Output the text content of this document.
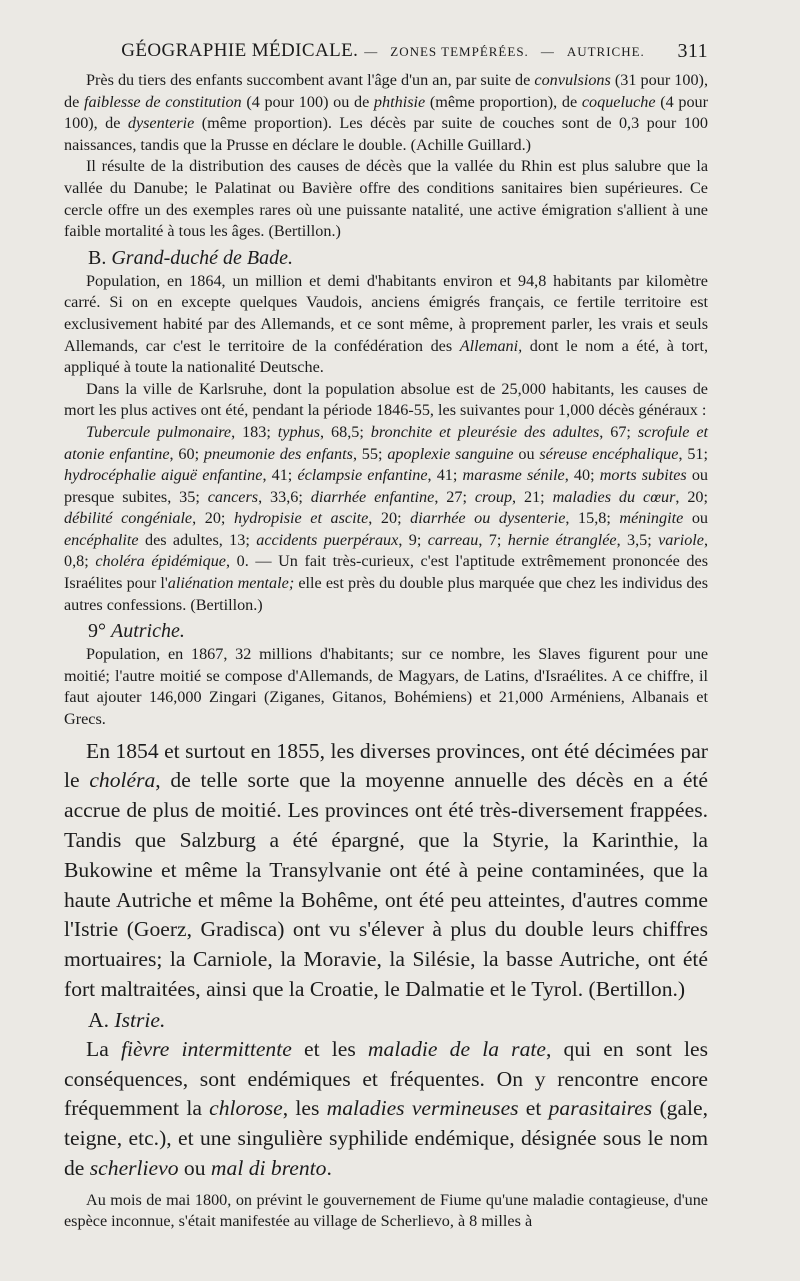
GÉOGRAPHIE MÉDICALE. — ZONES TEMPÉRÉES. — AUTRICHE. 311

Près du tiers des enfants succombent avant l'âge d'un an, par suite de convulsions (31 pour 100), de faiblesse de constitution (4 pour 100) ou de phthisie (même proportion), de coqueluche (4 pour 100), de dysenterie (même proportion). Les décès par suite de couches sont de 0,3 pour 100 naissances, tandis que la Prusse en déclare le double. (Achille Guillard.)

Il résulte de la distribution des causes de décès que la vallée du Rhin est plus salubre que la vallée du Danube; le Palatinat ou Bavière offre des conditions sanitaires bien supérieures. Ce cercle offre un des exemples rares où une puissante natalité, une active émigration s'allient à une faible mortalité à tous les âges. (Bertillon.)

B. Grand-duché de Bade.

Population, en 1864, un million et demi d'habitants environ et 94,8 habitants par kilomètre carré. Si on en excepte quelques Vaudois, anciens émigrés français, ce fertile territoire est exclusivement habité par des Allemands, et ce sont même, à proprement parler, les vrais et seuls Allemands, car c'est le territoire de la confédération des Allemani, dont le nom a été, à tort, appliqué à toute la nationalité Deutsche.

Dans la ville de Karlsruhe, dont la population absolue est de 25,000 habitants, les causes de mort les plus actives ont été, pendant la période 1846-55, les suivantes pour 1,000 décès généraux :

Tubercule pulmonaire, 183; typhus, 68,5; bronchite et pleurésie des adultes, 67; scrofule et atonie enfantine, 60; pneumonie des enfants, 55; apoplexie sanguine ou séreuse encéphalique, 51; hydrocéphalie aiguë enfantine, 41; éclampsie enfantine, 41; marasme sénile, 40; morts subites ou presque subites, 35; cancers, 33,6; diarrhée enfantine, 27; croup, 21; maladies du cœur, 20; débilité congéniale, 20; hydropisie et ascite, 20; diarrhée ou dysenterie, 15,8; méningite ou encéphalite des adultes, 13; accidents puerpéraux, 9; carreau, 7; hernie étranglée, 3,5; variole, 0,8; choléra épidémique, 0. — Un fait très-curieux, c'est l'aptitude extrêmement prononcée des Israélites pour l'aliénation mentale; elle est près du double plus marquée que chez les individus des autres confessions. (Bertillon.)

9° Autriche.

Population, en 1867, 32 millions d'habitants; sur ce nombre, les Slaves figurent pour une moitié; l'autre moitié se compose d'Allemands, de Magyars, de Latins, d'Israélites. A ce chiffre, il faut ajouter 146,000 Zingari (Ziganes, Gitanos, Bohémiens) et 21,000 Arméniens, Albanais et Grecs.

En 1854 et surtout en 1855, les diverses provinces, ont été décimées par le choléra, de telle sorte que la moyenne annuelle des décès en a été accrue de plus de moitié. Les provinces ont été très-diversement frappées. Tandis que Salzburg a été épargné, que la Styrie, la Karinthie, la Bukowine et même la Transylvanie ont été à peine contaminées, que la haute Autriche et même la Bohême, ont été peu atteintes, d'autres comme l'Istrie (Goerz, Gradisca) ont vu s'élever à plus du double leurs chiffres mortuaires; la Carniole, la Moravie, la Silésie, la basse Autriche, ont été fort maltraitées, ainsi que la Croatie, le Dalmatie et le Tyrol. (Bertillon.)

A. Istrie.

La fièvre intermittente et les maladie de la rate, qui en sont les conséquences, sont endémiques et fréquentes. On y rencontre encore fréquemment la chlorose, les maladies vermineuses et parasitaires (gale, teigne, etc.), et une singulière syphilide endémique, désignée sous le nom de scherlievo ou mal di brento.

Au mois de mai 1800, on prévint le gouvernement de Fiume qu'une maladie contagieuse, d'une espèce inconnue, s'était manifestée au village de Scherlievo, à 8 milles à
